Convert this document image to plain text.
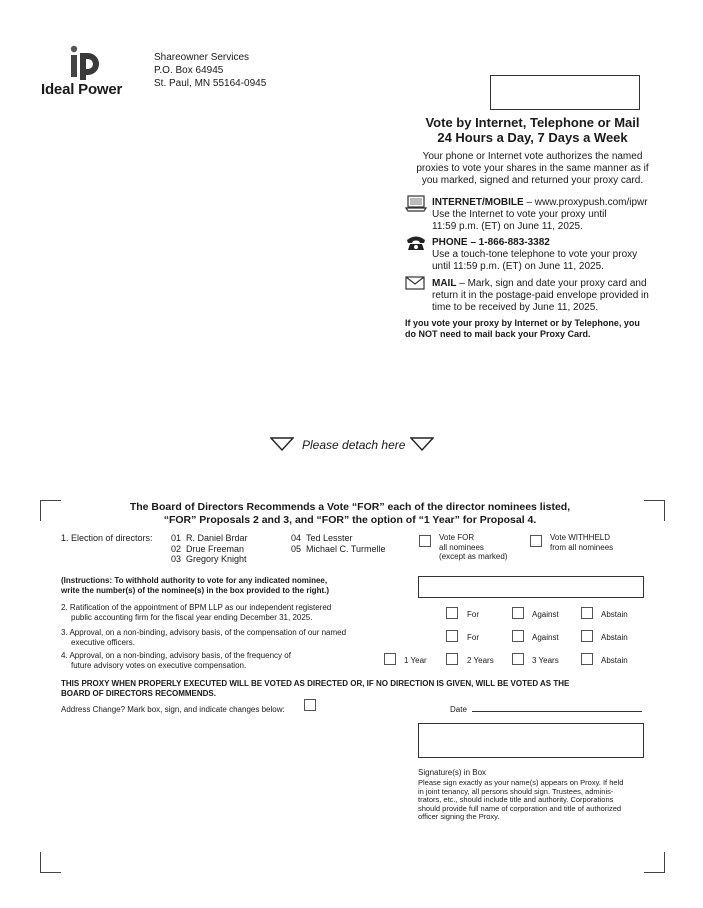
Ideal Power
Shareowner Services
P.O. Box 64945
St. Paul, MN 55164-0945
Vote by Internet, Telephone or Mail
24 Hours a Day, 7 Days a Week
Your phone or Internet vote authorizes the named
proxies to vote your shares in the same manner as if
you marked, signed and returned your proxy card.
INTERNET/MOBILE – www.proxypush.com/ipwr
Use the Internet to vote your proxy until
11:59 p.m. (ET) on June 11, 2025.
PHONE – 1-866-883-3382
Use a touch-tone telephone to vote your proxy
until 11:59 p.m. (ET) on June 11, 2025.
MAIL – Mark, sign and date your proxy card and
return it in the postage-paid envelope provided in
time to be received by June 11, 2025.
If you vote your proxy by Internet or by Telephone, you
do NOT need to mail back your Proxy Card.
Please detach here
The Board of Directors Recommends a Vote “FOR” each of the director nominees listed,
“FOR” Proposals 2 and 3, and “FOR” the option of “1 Year” for Proposal 4.
1. Election of directors: 01 R. Daniel Brdar
02 Drue Freeman
03 Gregory Knight
04 Ted Lesster
05 Michael C. Turmelle
Vote FOR
all nominees
(except as marked)
Vote WITHHELD
from all nominees
(Instructions: To withhold authority to vote for any indicated nominee,
write the number(s) of the nominee(s) in the box provided to the right.)
2. Ratification of the appointment of BPM LLP as our independent registered
public accounting firm for the fiscal year ending December 31, 2025.	For	Against	Abstain
3. Approval, on a non-binding, advisory basis, of the compensation of our named
executive officers.	For	Against	Abstain
4. Approval, on a non-binding, advisory basis, of the frequency of
future advisory votes on executive compensation.	1 Year	2 Years	3 Years	Abstain
THIS PROXY WHEN PROPERLY EXECUTED WILL BE VOTED AS DIRECTED OR, IF NO DIRECTION IS GIVEN, WILL BE VOTED AS THE
BOARD OF DIRECTORS RECOMMENDS.
Address Change? Mark box, sign, and indicate changes below:	Date
Signature(s) in Box
Please sign exactly as your name(s) appears on Proxy. If held
in joint tenancy, all persons should sign. Trustees, adminis-
trators, etc., should include title and authority. Corporations
should provide full name of corporation and title of authorized
officer signing the Proxy.
